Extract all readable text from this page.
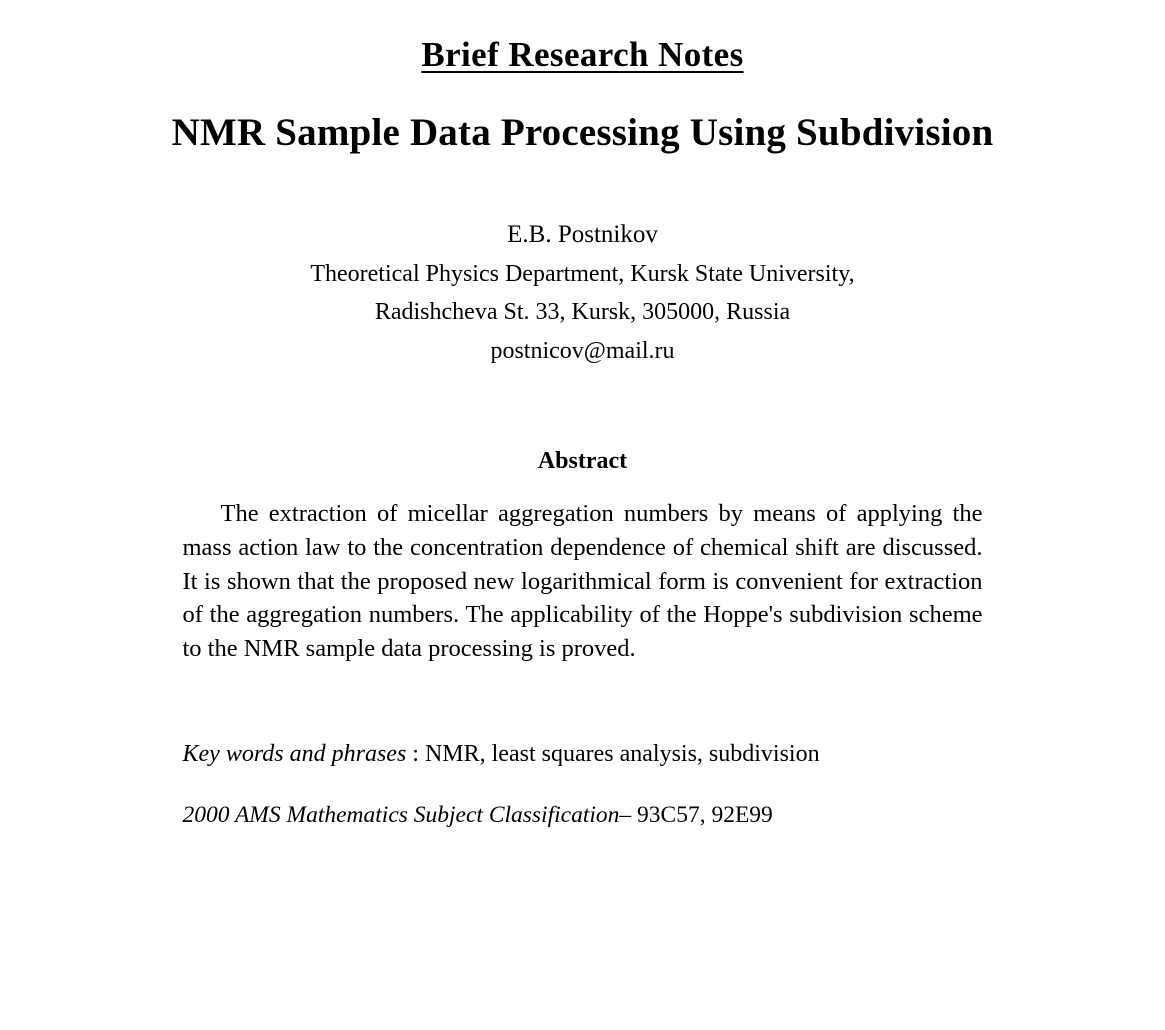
Brief Research Notes
NMR Sample Data Processing Using Subdivision
E.B. Postnikov
Theoretical Physics Department, Kursk State University,
Radishcheva St. 33, Kursk, 305000, Russia
postnicov@mail.ru
Abstract
The extraction of micellar aggregation numbers by means of applying the mass action law to the concentration dependence of chemical shift are discussed. It is shown that the proposed new logarithmical form is convenient for extraction of the aggregation numbers. The applicability of the Hoppe's subdivision scheme to the NMR sample data processing is proved.
Key words and phrases : NMR, least squares analysis, subdivision
2000 AMS Mathematics Subject Classification– 93C57, 92E99
